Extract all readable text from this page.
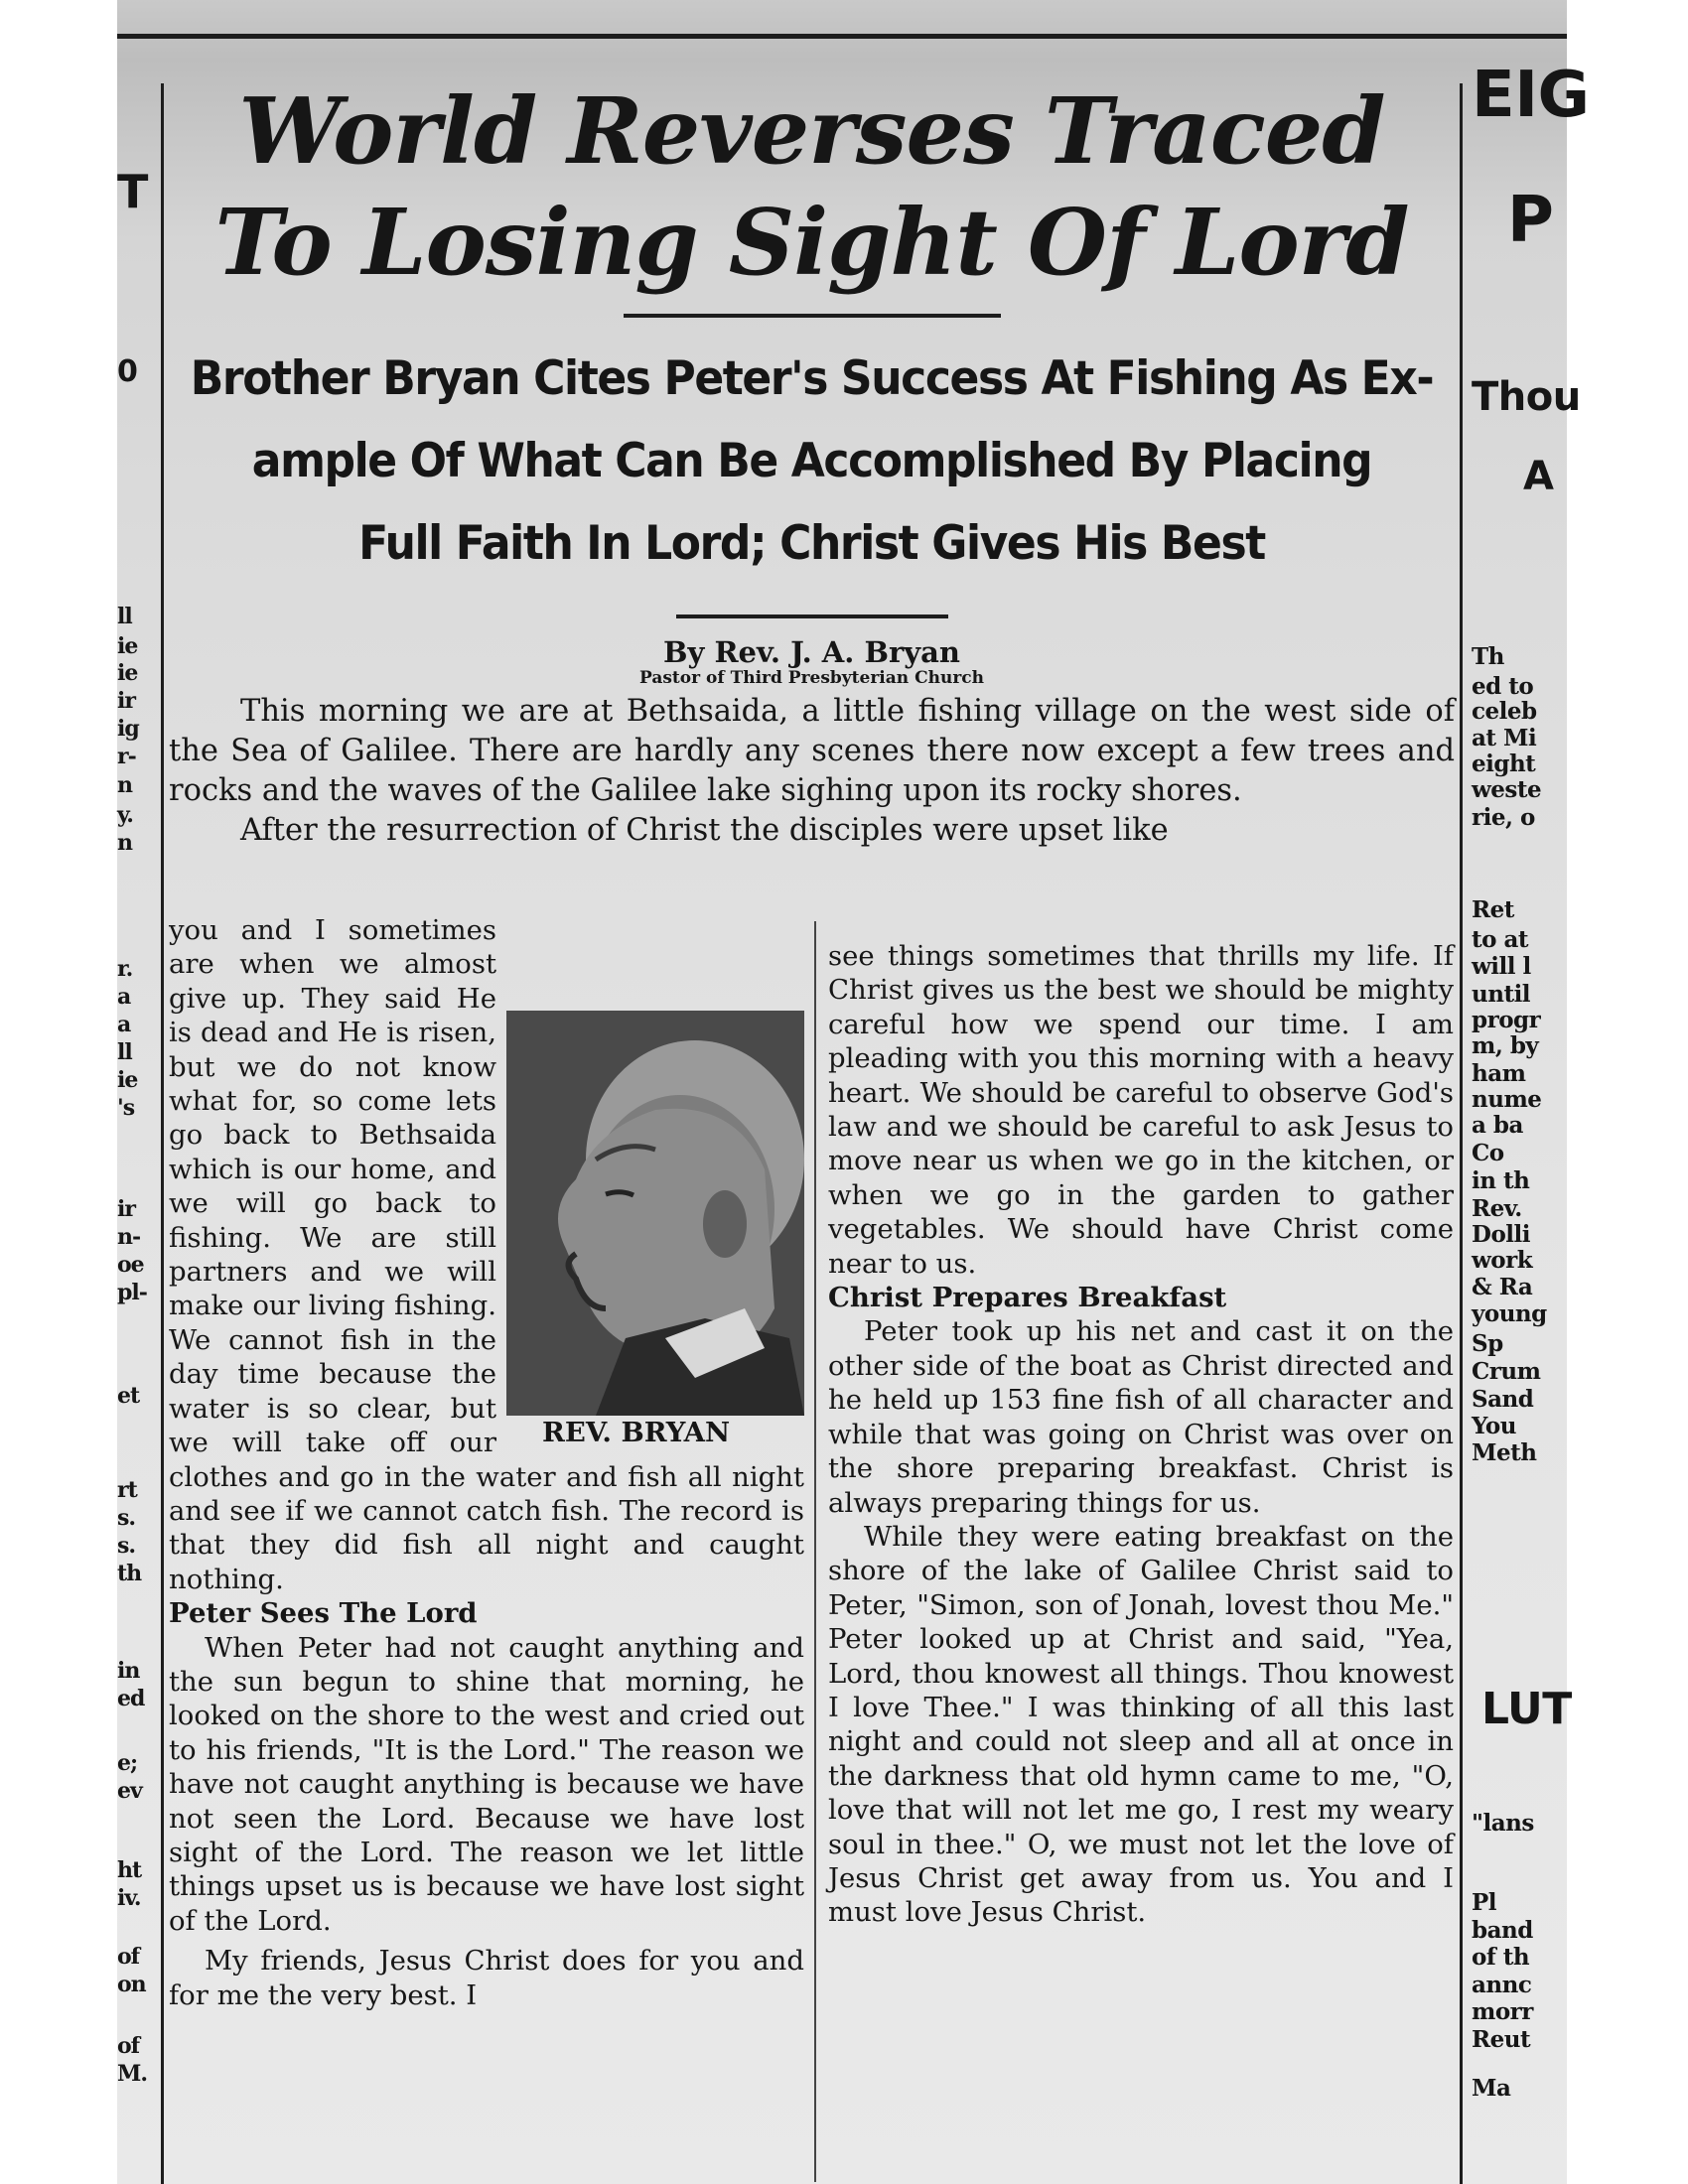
T
0
ll
ie
ie
ir
ig
r-
n
y.
n
r.
a
a
ll
ie
's
ir
n-
oe
pl-
et
rt
s.
s.
th
in
ed
e;
ev
ht
iv.
of
on
of
M.
EIG
P
Thou
A
Th
ed to
celeb
at Mi
eight
weste
rie, o
Ret
to at
will l
until
progr
m, by
ham
nume
a ba
Co
in th
Rev.
Dolli
work
& Ra
young
Sp
Crum
Sand
You
Meth
LUT
"lans
Pl
band
of th
annc
morr
Reut
Ma
World Reverses Traced To Losing Sight Of Lord

Brother Bryan Cites Peter's Success At Fishing As Ex-

ample Of What Can Be Accomplished By Placing

Full Faith In Lord; Christ Gives His Best

By Rev. J. A. Bryan

Pastor of Third Presbyterian Church

This morning we are at Bethsaida, a little fishing village on the west side of the Sea of Galilee. There are hardly any scenes there now except a few trees and rocks and the waves of the Galilee lake sighing upon its rocky shores.

After the resurrection of Christ the disciples were upset like

REV. BRYAN

you and I sometimes are when we almost give up. They said He is dead and He is risen, but we do not know what for, so come lets go back to Bethsaida which is our home, and we will go back to fishing. We are still partners and we will make our living fishing. We cannot fish in the day time because the water is so clear, but we will take off our clothes and go in the water and fish all night and see if we cannot catch fish. The record is that they did fish all night and caught nothing.

Peter Sees The Lord

When Peter had not caught anything and the sun begun to shine that morning, he looked on the shore to the west and cried out to his friends, "It is the Lord." The reason we have not caught anything is because we have not seen the Lord. Because we have lost sight of the Lord. The reason we let little things upset us is because we have lost sight of the Lord.

My friends, Jesus Christ does for you and for me the very best. I

see things sometimes that thrills my life. If Christ gives us the best we should be mighty careful how we spend our time. I am pleading with you this morning with a heavy heart. We should be careful to observe God's law and we should be careful to ask Jesus to move near us when we go in the kitchen, or when we go in the garden to gather vegetables. We should have Christ come near to us.

Christ Prepares Breakfast

Peter took up his net and cast it on the other side of the boat as Christ directed and he held up 153 fine fish of all character and while that was going on Christ was over on the shore preparing breakfast. Christ is always preparing things for us.

While they were eating breakfast on the shore of the lake of Galilee Christ said to Peter, "Simon, son of Jonah, lovest thou Me." Peter looked up at Christ and said, "Yea, Lord, thou knowest all things. Thou knowest I love Thee." I was thinking of all this last night and could not sleep and all at once in the darkness that old hymn came to me, "O, love that will not let me go, I rest my weary soul in thee." O, we must not let the love of Jesus Christ get away from us. You and I must love Jesus Christ.
